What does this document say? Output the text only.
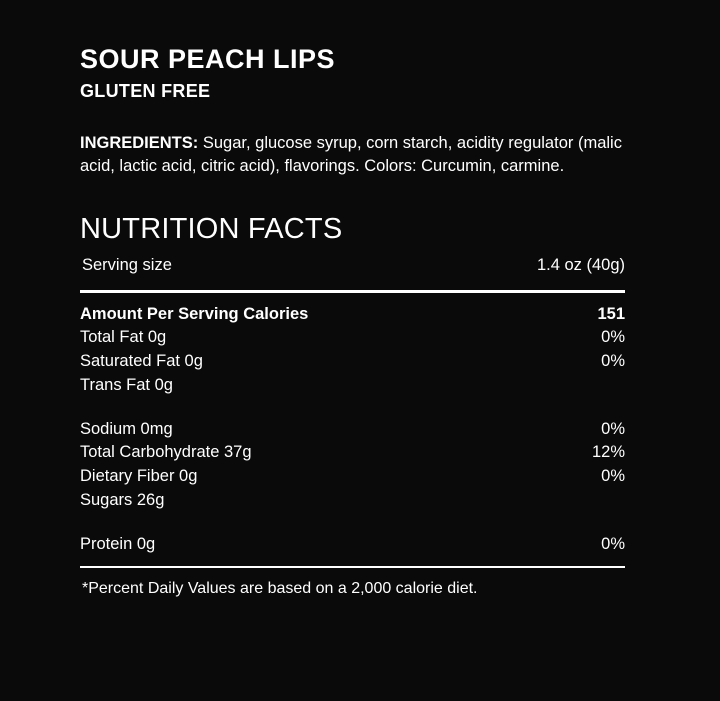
SOUR PEACH LIPS
GLUTEN FREE

INGREDIENTS: Sugar, glucose syrup, corn starch, acidity regulator (malic acid, lactic acid, citric acid), flavorings. Colors: Curcumin, carmine.

NUTRITION FACTS
Serving size	1.4 oz (40g)
Amount Per Serving Calories	151
Total Fat 0g	0%
Saturated Fat 0g	0%
Trans Fat 0g
Sodium 0mg	0%
Total Carbohydrate 37g	12%
Dietary Fiber 0g	0%
Sugars 26g
Protein 0g	0%
*Percent Daily Values are based on a 2,000 calorie diet.
